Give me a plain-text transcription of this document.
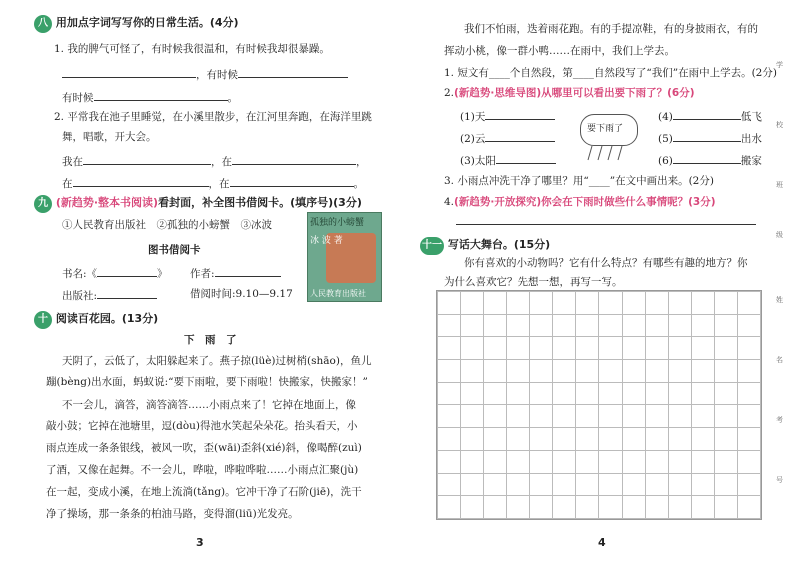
八 用加点字词写写你的日常生活。(4分)
1. 我的脾气可怪了，有时候我很温和，有时候我却很暴躁。
，有时候
有时候	。
2. 平常我在池子里睡觉，在小溪里散步，在江河里奔跑，在海洋里跳
舞，唱歌，开大会。
我在	，在	，
在	，在	。
九 (新趋势·整本书阅读)看封面，补全图书借阅卡。(填序号)(3分)
①人民教育出版社　②孤独的小螃蟹　③冰波
图书借阅卡
书名:《	》 作者:
出版社:	借阅时间:9.10—9.17
孤独的小螃蟹
冰 波 著
人民教育出版社
十 阅读百花园。(13分)
下　雨　了
天阴了，云低了，太阳躲起来了。燕子掠(lüè)过树梢(shāo)，鱼儿
蹦(bèng)出水面，蚂蚁说:“要下雨啦，要下雨啦！快搬家，快搬家！”
不一会儿，滴答，滴答滴答……小雨点来了！它掉在地面上，像
敲小鼓；它掉在池塘里，逗(dòu)得池水笑起朵朵花。抬头看天，小
雨点连成一条条银线，被风一吹，歪(wāi)歪斜(xié)斜，像喝醉(zuì)
了酒，又像在起舞。不一会儿，哗啦，哗啦哗啦……小雨点汇聚(jù)
在一起，变成小溪，在地上流淌(tǎng)。它冲干净了石阶(jiē)，洗干
净了操场，那一条条的柏油马路，变得溜(liū)光发亮。
3
我们不怕雨，迭着雨花跑。有的手提凉鞋，有的身披雨衣，有的
挥动小桃，像一群小鸭……在雨中，我们上学去。
1. 短文有____个自然段，第____自然段写了“我们”在雨中上学去。(2分)
2.(新趋势·思维导图)从哪里可以看出要下雨了？(6分)
(1)天
(2)云
(3)太阳
要下雨了
(4)	低飞
(5)	出水
(6)	搬家
3. 小雨点冲洗干净了哪里？用“____”在文中画出来。(2分)
4.(新趋势·开放探究)你会在下雨时做些什么事情呢？(3分)
十一 写话大舞台。(15分)
你有喜欢的小动物吗？它有什么特点？有哪些有趣的地方？你
为什么喜欢它？先想一想，再写一写。

4
学
校
班
级
姓
名
考
号
